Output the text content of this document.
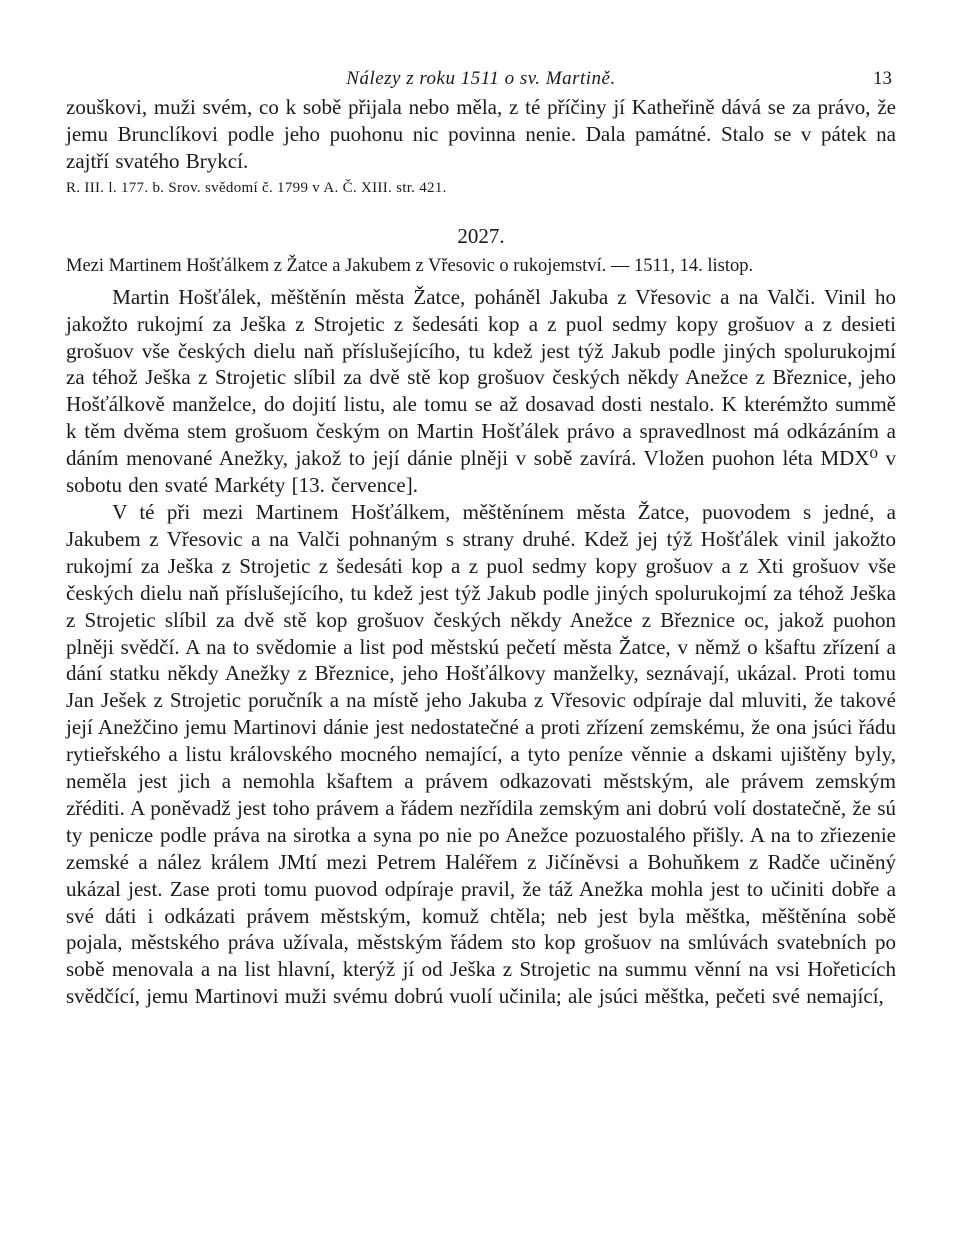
Nálezy z roku 1511 o sv. Martině.	13

zouškovi, muži svém, co k sobě přijala nebo měla, z té příčiny jí Katheřině dává se za právo, že jemu Brunclíkovi podle jeho puohonu nic povinna nenie. Dala památné. Stalo se v pátek na zajtří svatého Brykcí.

R. III. l. 177. b. Srov. svědomí č. 1799 v A. Č. XIII. str. 421.

2027.

Mezi Martinem Hošťálkem z Žatce a Jakubem z Vřesovic o rukojemství. — 1511, 14. listop.

Martin Hošťálek, měštěnín města Žatce, poháněl Jakuba z Vřesovic a na Valči. Vinil ho jakožto rukojmí za Ješka z Strojetic z šedesáti kop a z puol sedmy kopy grošuov a z desieti grošuov vše českých dielu naň příslušejícího, tu kdež jest týž Jakub podle jiných spolurukojmí za téhož Ješka z Strojetic slíbil za dvě stě kop grošuov českých někdy Anežce z Březnice, jeho Hošťálkově manželce, do dojití listu, ale tomu se až dosavad dosti nestalo. K kterémžto summě k těm dvěma stem grošuom českým on Martin Hošťálek právo a spravedlnost má odkázáním a dáním menované Anežky, jakož to její dánie plněji v sobě zavírá. Vložen puohon léta MDX⁰ v sobotu den svaté Markéty [13. července].

V té při mezi Martinem Hošťálkem, měštěnínem města Žatce, puovodem s jedné, a Jakubem z Vřesovic a na Valči pohnaným s strany druhé. Kdež jej týž Hošťálek vinil jakožto rukojmí za Ješka z Strojetic z šedesáti kop a z puol sedmy kopy grošuov a z Xti grošuov vše českých dielu naň příslušejícího, tu kdež jest týž Jakub podle jiných spolurukojmí za téhož Ješka z Strojetic slíbil za dvě stě kop grošuov českých někdy Anežce z Březnice oc, jakož puohon plněji svědčí. A na to svědomie a list pod městskú pečetí města Žatce, v němž o kšaftu zřízení a dání statku někdy Anežky z Březnice, jeho Hošťálkovy manželky, seznávají, ukázal. Proti tomu Jan Ješek z Strojetic poručník a na místě jeho Jakuba z Vřesovic odpíraje dal mluviti, že takové její Anežčino jemu Martinovi dánie jest nedostatečné a proti zřízení zemskému, že ona jsúci řádu rytieřského a listu královského mocného nemající, a tyto peníze věnnie a dskami ujištěny byly, neměla jest jich a nemohla kšaftem a právem odkazovati městským, ale právem zemským zřéditi. A poněvadž jest toho právem a řádem nezřídila zemským ani dobrú volí dostatečně, že sú ty penicze podle práva na sirotka a syna po nie po Anežce pozuostalého přišly. A na to zřiezenie zemské a nález králem JMtí mezi Petrem Haléřem z Jičíněvsi a Bohuňkem z Radče učiněný ukázal jest. Zase proti tomu puovod odpíraje pravil, že táž Anežka mohla jest to učiniti dobře a své dáti i odkázati právem městským, komuž chtěla; neb jest byla měštka, měštěnína sobě pojala, městského práva užívala, městským řádem sto kop grošuov na smlúvách svatebních po sobě menovala a na list hlavní, kterýž jí od Ješka z Strojetic na summu věnní na vsi Hořeticích svědčící, jemu Martinovi muži svému dobrú vuolí učinila; ale jsúci měštka, pečeti své nemající,
